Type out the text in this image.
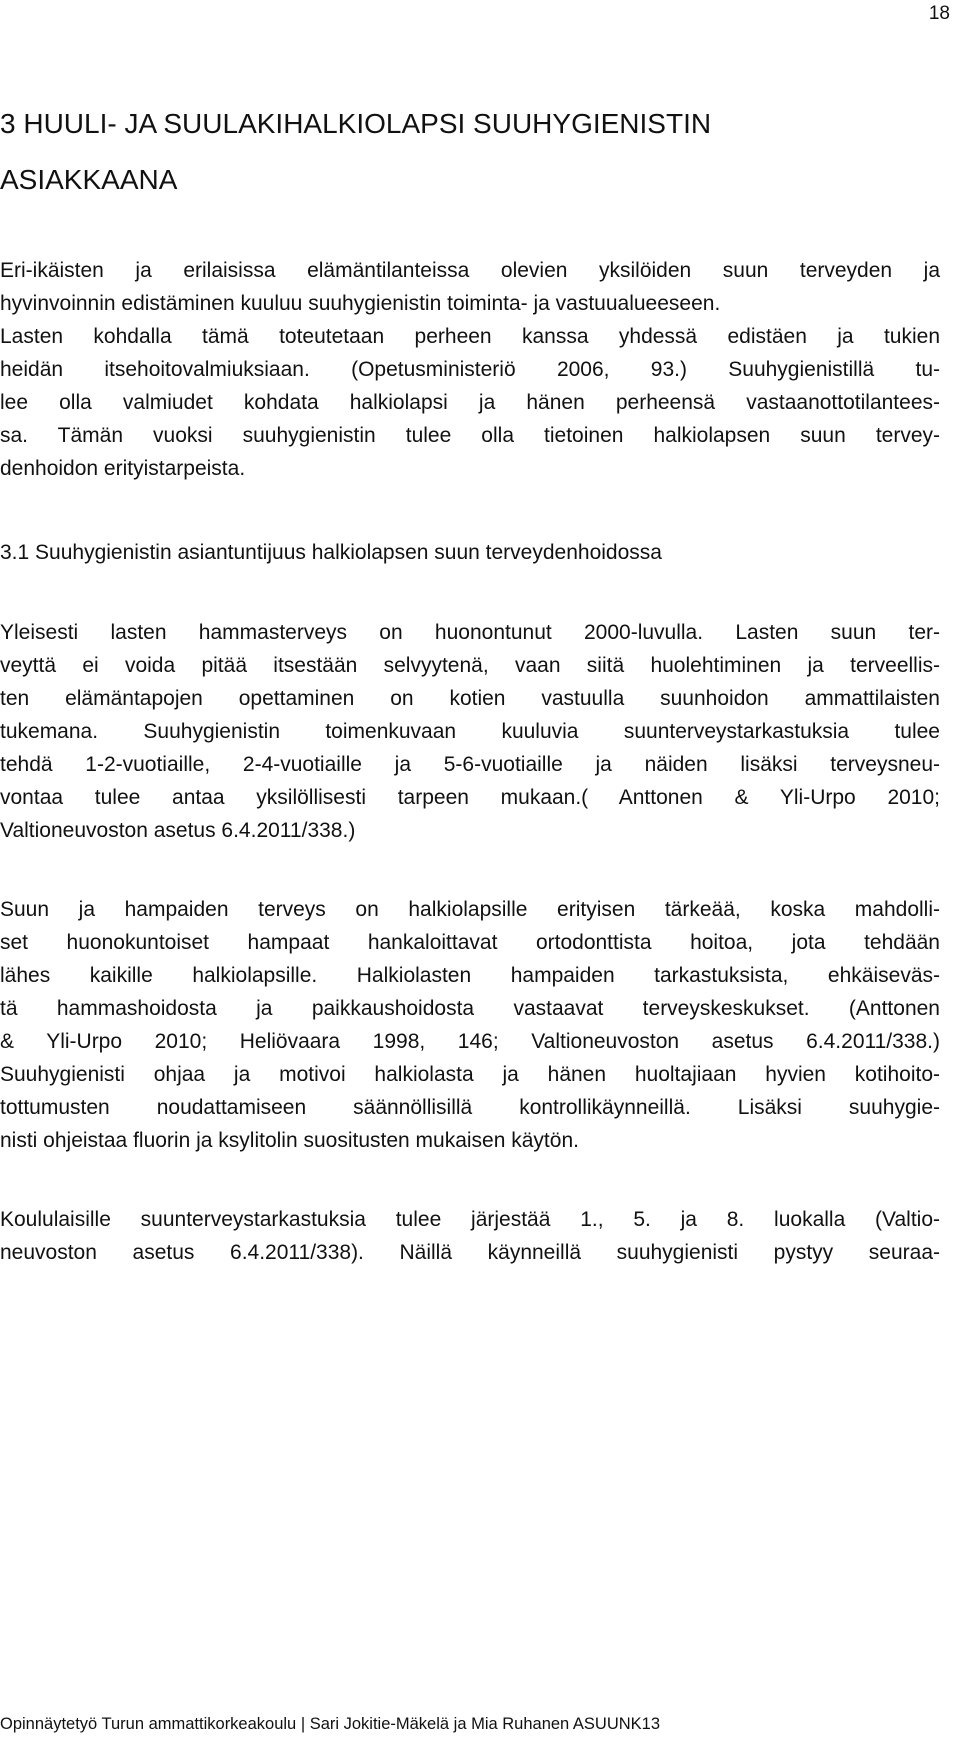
18
3 HUULI- JA SUULAKIHALKIOLAPSI SUUHYGIENISTIN
ASIAKKAANA
Eri-ikäisten ja erilaisissa elämäntilanteissa olevien yksilöiden suun terveyden ja
hyvinvoinnin edistäminen kuuluu suuhygienistin toiminta- ja vastuualueeseen.
Lasten kohdalla tämä toteutetaan perheen kanssa yhdessä edistäen ja tukien
heidän itsehoitovalmiuksiaan. (Opetusministeriö 2006, 93.) Suuhygienistillä tu-
lee olla valmiudet kohdata halkiolapsi ja hänen perheensä vastaanottotilantees-
sa. Tämän vuoksi suuhygienistin tulee olla tietoinen halkiolapsen suun tervey-
denhoidon erityistarpeista.
3.1 Suuhygienistin asiantuntijuus halkiolapsen suun terveydenhoidossa
Yleisesti lasten hammasterveys on huonontunut 2000-luvulla. Lasten suun ter-
veyttä ei voida pitää itsestään selvyytenä, vaan siitä huolehtiminen ja terveellis-
ten elämäntapojen opettaminen on kotien vastuulla suunhoidon ammattilaisten
tukemana. Suuhygienistin toimenkuvaan kuuluvia suunterveystarkastuksia tulee
tehdä 1-2-vuotiaille, 2-4-vuotiaille ja 5-6-vuotiaille ja näiden lisäksi terveysneu-
vontaa tulee antaa yksilöllisesti tarpeen mukaan.( Anttonen & Yli-Urpo 2010;
Valtioneuvoston asetus 6.4.2011/338.)
Suun ja hampaiden terveys on halkiolapsille erityisen tärkeää, koska mahdolli-
set huonokuntoiset hampaat hankaloittavat ortodonttista hoitoa, jota tehdään
lähes kaikille halkiolapsille. Halkiolasten hampaiden tarkastuksista, ehkäiseväs-
tä hammashoidosta ja paikkaushoidosta vastaavat terveyskeskukset. (Anttonen
& Yli-Urpo 2010; Heliövaara 1998, 146; Valtioneuvoston asetus 6.4.2011/338.)
Suuhygienisti ohjaa ja motivoi halkiolasta ja hänen huoltajiaan hyvien kotihoito-
tottumusten noudattamiseen säännöllisillä kontrollikäynneillä. Lisäksi suuhygie-
nisti ohjeistaa fluorin ja ksylitolin suositusten mukaisen käytön.
Koululaisille suunterveystarkastuksia tulee järjestää 1., 5. ja 8. luokalla (Valtio-
neuvoston asetus 6.4.2011/338). Näillä käynneillä suuhygienisti pystyy seuraa-
Opinnäytetyö Turun ammattikorkeakoulu | Sari Jokitie-Mäkelä ja Mia Ruhanen ASUUNK13
